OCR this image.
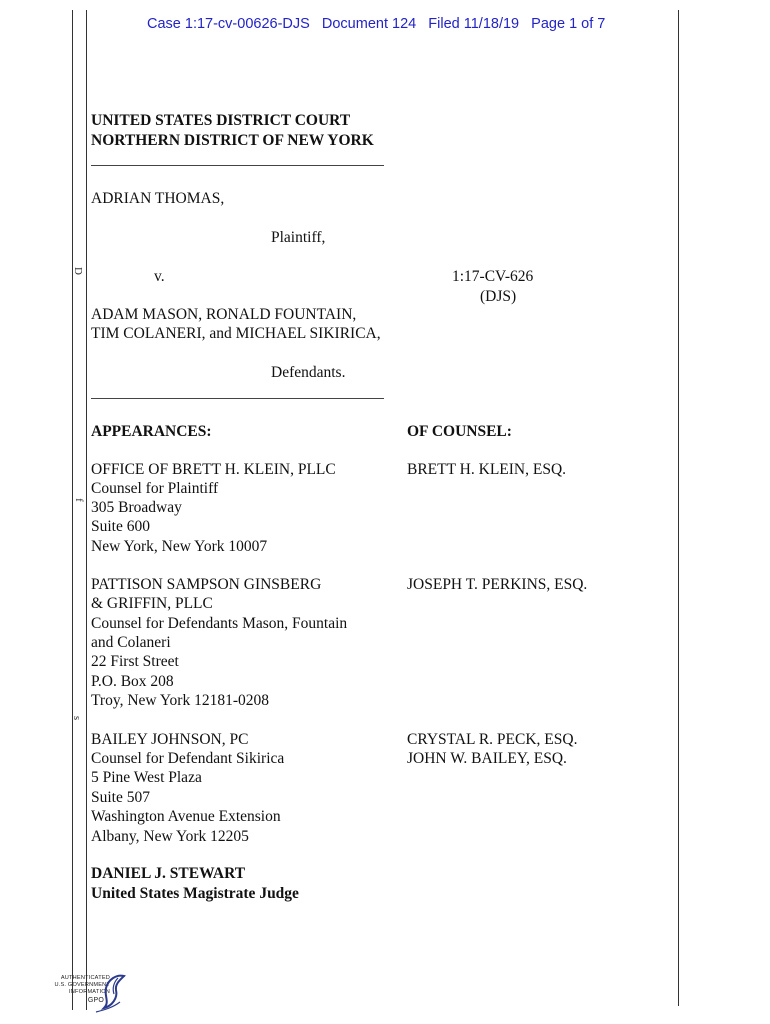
Case 1:17-cv-00626-DJS   Document 124   Filed 11/18/19   Page 1 of 7
UNITED STATES DISTRICT COURT
NORTHERN DISTRICT OF NEW YORK
ADRIAN THOMAS,
Plaintiff,
v.	1:17-CV-626
(DJS)
ADAM MASON, RONALD FOUNTAIN,
TIM COLANERI, and MICHAEL SIKIRICA,
Defendants.
APPEARANCES:	OF COUNSEL:
OFFICE OF BRETT H. KLEIN, PLLC
Counsel for Plaintiff
305 Broadway
Suite 600
New York, New York 10007
BRETT H. KLEIN, ESQ.
PATTISON SAMPSON GINSBERG
& GRIFFIN, PLLC
Counsel for Defendants Mason, Fountain
and Colaneri
22 First Street
P.O. Box 208
Troy, New York 12181-0208
JOSEPH T. PERKINS, ESQ.
BAILEY JOHNSON, PC
Counsel for Defendant Sikirica
5 Pine West Plaza
Suite 507
Washington Avenue Extension
Albany, New York 12205
CRYSTAL R. PECK, ESQ.
JOHN W. BAILEY, ESQ.
DANIEL J. STEWART
United States Magistrate Judge
D
f
s
AUTHENTICATED
U.S. GOVERNMENT
INFORMATION
GPO
